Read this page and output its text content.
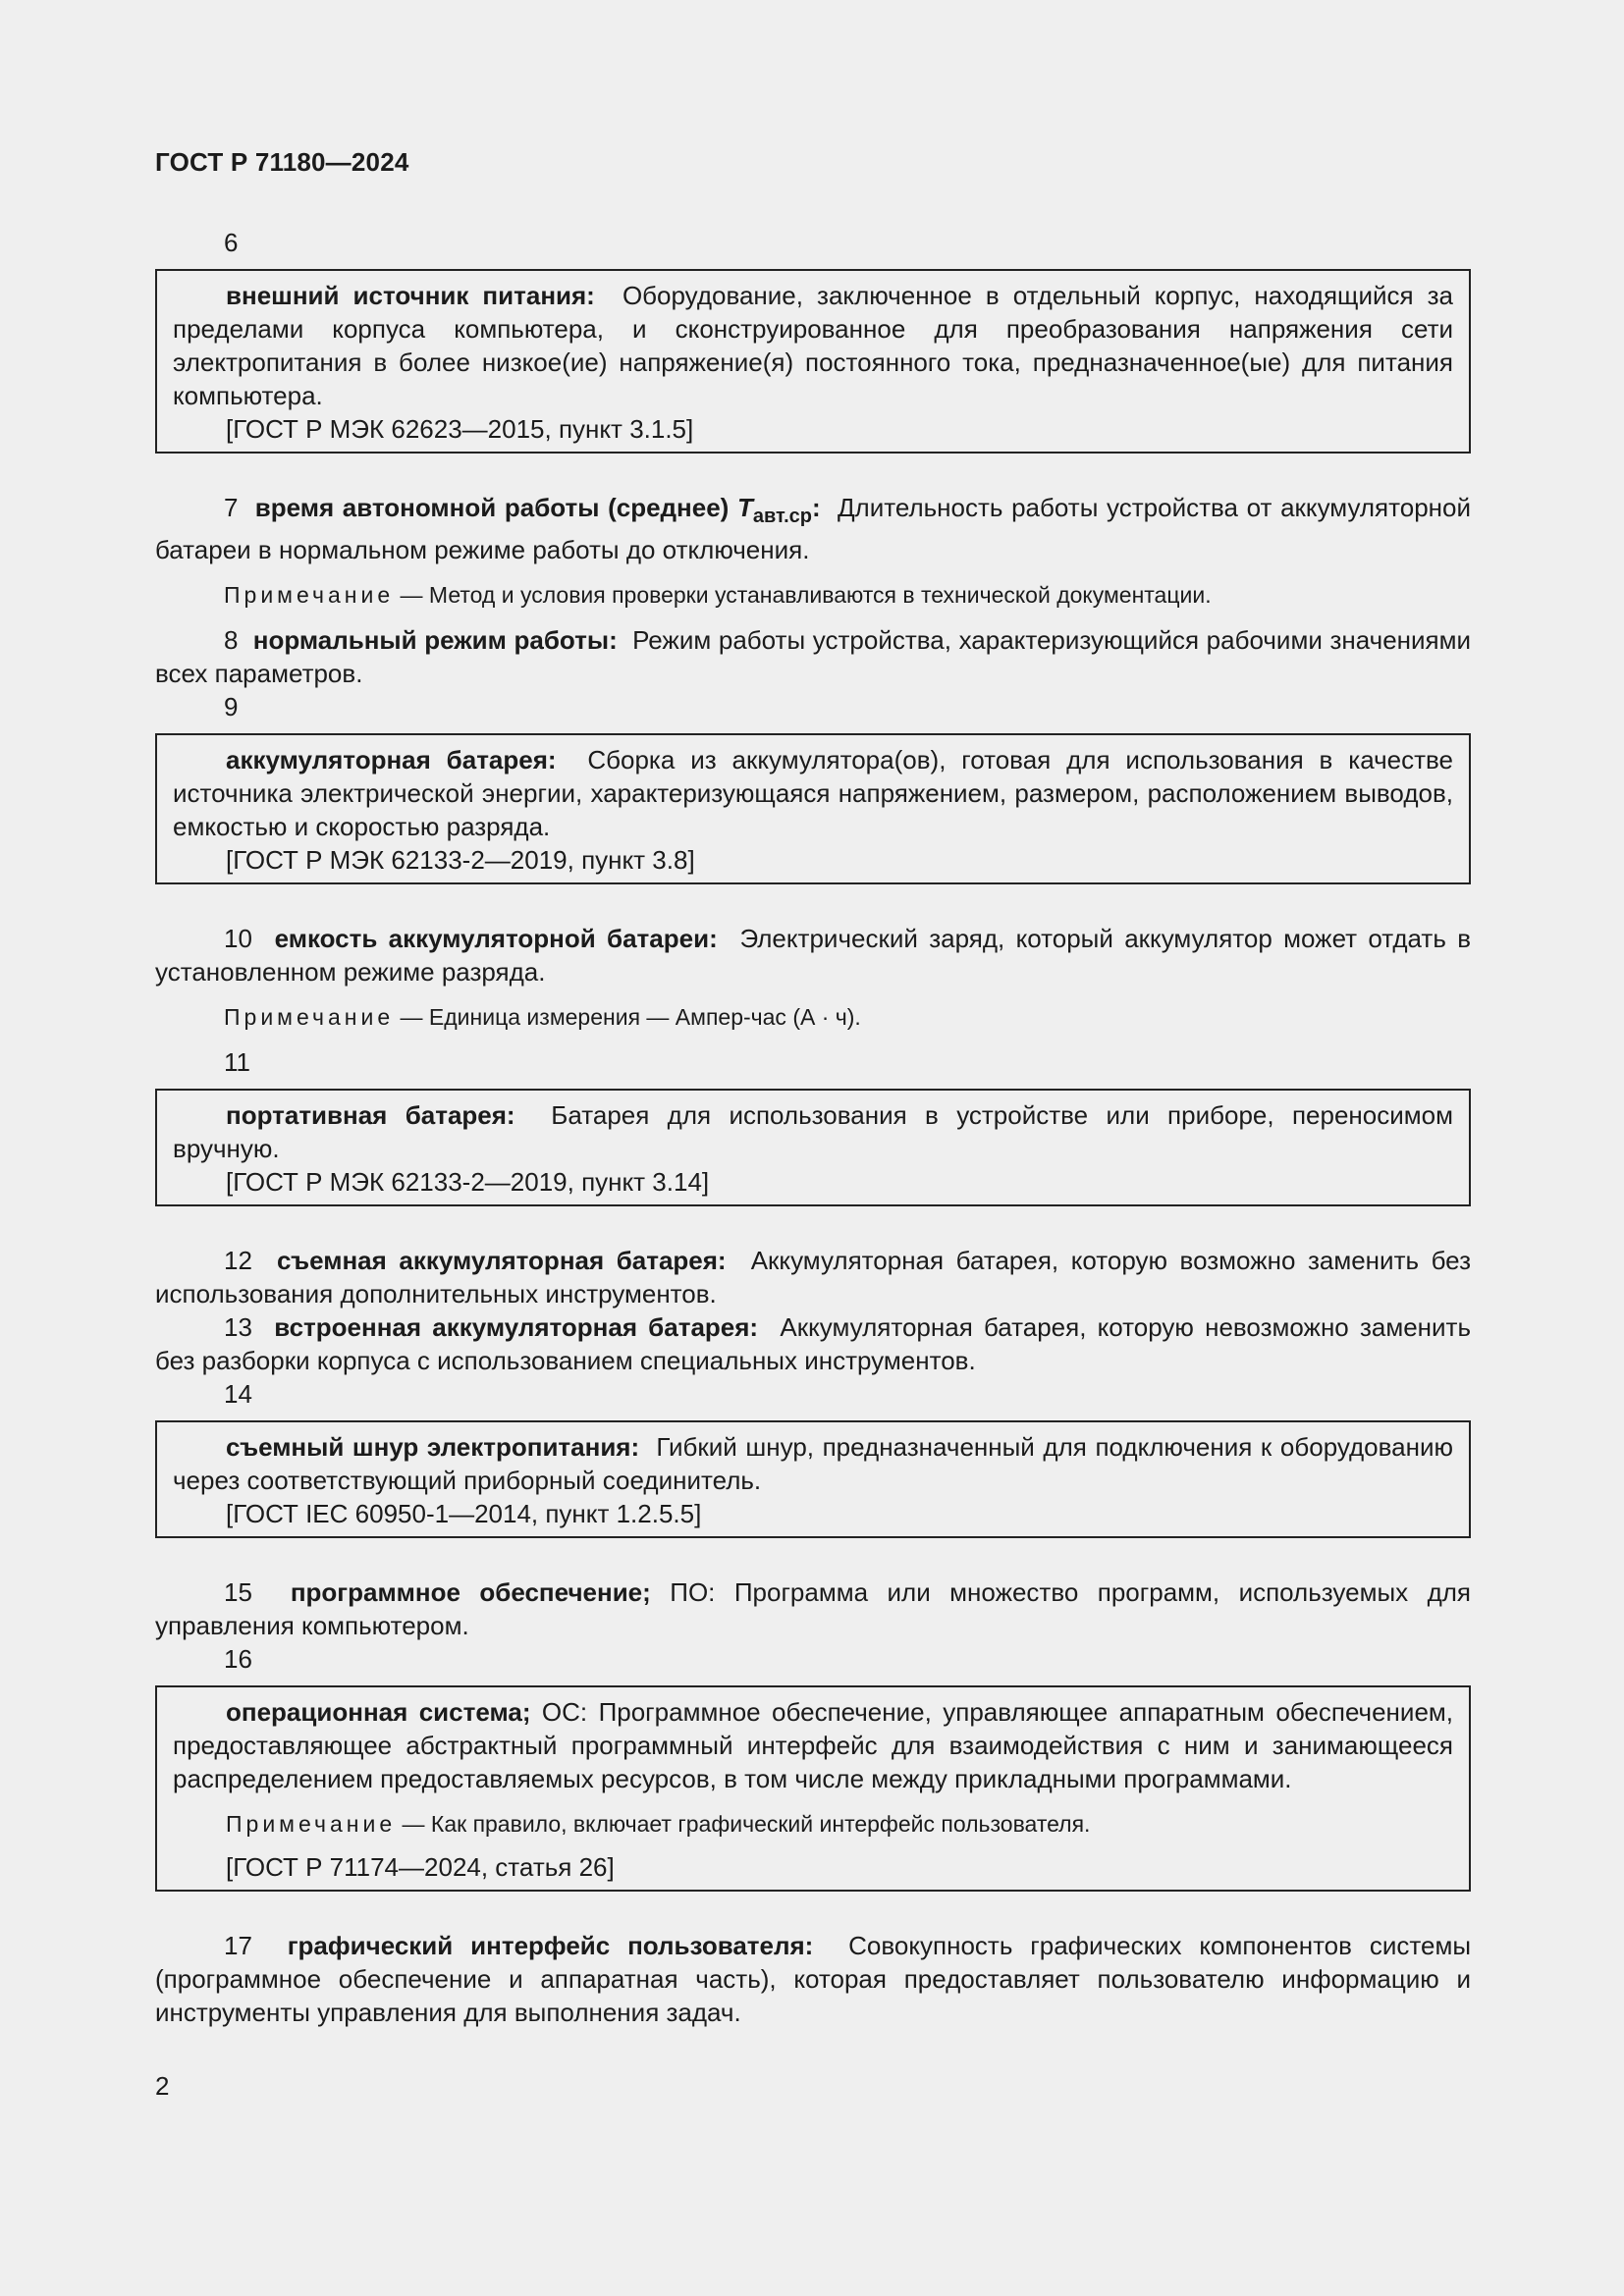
ГОСТ Р 71180—2024

6

внешний источник питания: Оборудование, заключенное в отдельный корпус, находящийся за пределами корпуса компьютера, и сконструированное для преобразования напряжения сети электропитания в более низкое(ие) напряжение(я) постоянного тока, предназначенное(ые) для питания компьютера.

[ГОСТ Р МЭК 62623—2015, пункт 3.1.5]

7 время автономной работы (среднее) $T_{авт.ср}$: Длительность работы устройства от аккумуляторной батареи в нормальном режиме работы до отключения.

Примечание — Метод и условия проверки устанавливаются в технической документации.

8 нормальный режим работы: Режим работы устройства, характеризующийся рабочими значениями всех параметров.

9

аккумуляторная батарея: Сборка из аккумулятора(ов), готовая для использования в качестве источника электрической энергии, характеризующаяся напряжением, размером, расположением выводов, емкостью и скоростью разряда.

[ГОСТ Р МЭК 62133-2—2019, пункт 3.8]

10 емкость аккумуляторной батареи: Электрический заряд, который аккумулятор может отдать в установленном режиме разряда.

Примечание — Единица измерения — Ампер-час (А · ч).

11

портативная батарея: Батарея для использования в устройстве или приборе, переносимом вручную.

[ГОСТ Р МЭК 62133-2—2019, пункт 3.14]

12 съемная аккумуляторная батарея: Аккумуляторная батарея, которую возможно заменить без использования дополнительных инструментов.

13 встроенная аккумуляторная батарея: Аккумуляторная батарея, которую невозможно заменить без разборки корпуса с использованием специальных инструментов.

14

съемный шнур электропитания: Гибкий шнур, предназначенный для подключения к оборудованию через соответствующий приборный соединитель.

[ГОСТ IEC 60950-1—2014, пункт 1.2.5.5]

15 программное обеспечение; ПО: Программа или множество программ, используемых для управления компьютером.

16

операционная система; ОС: Программное обеспечение, управляющее аппаратным обеспечением, предоставляющее абстрактный программный интерфейс для взаимодействия с ним и занимающееся распределением предоставляемых ресурсов, в том числе между прикладными программами.

Примечание — Как правило, включает графический интерфейс пользователя.

[ГОСТ Р 71174—2024, статья 26]

17 графический интерфейс пользователя: Совокупность графических компонентов системы (программное обеспечение и аппаратная часть), которая предоставляет пользователю информацию и инструменты управления для выполнения задач.

2
